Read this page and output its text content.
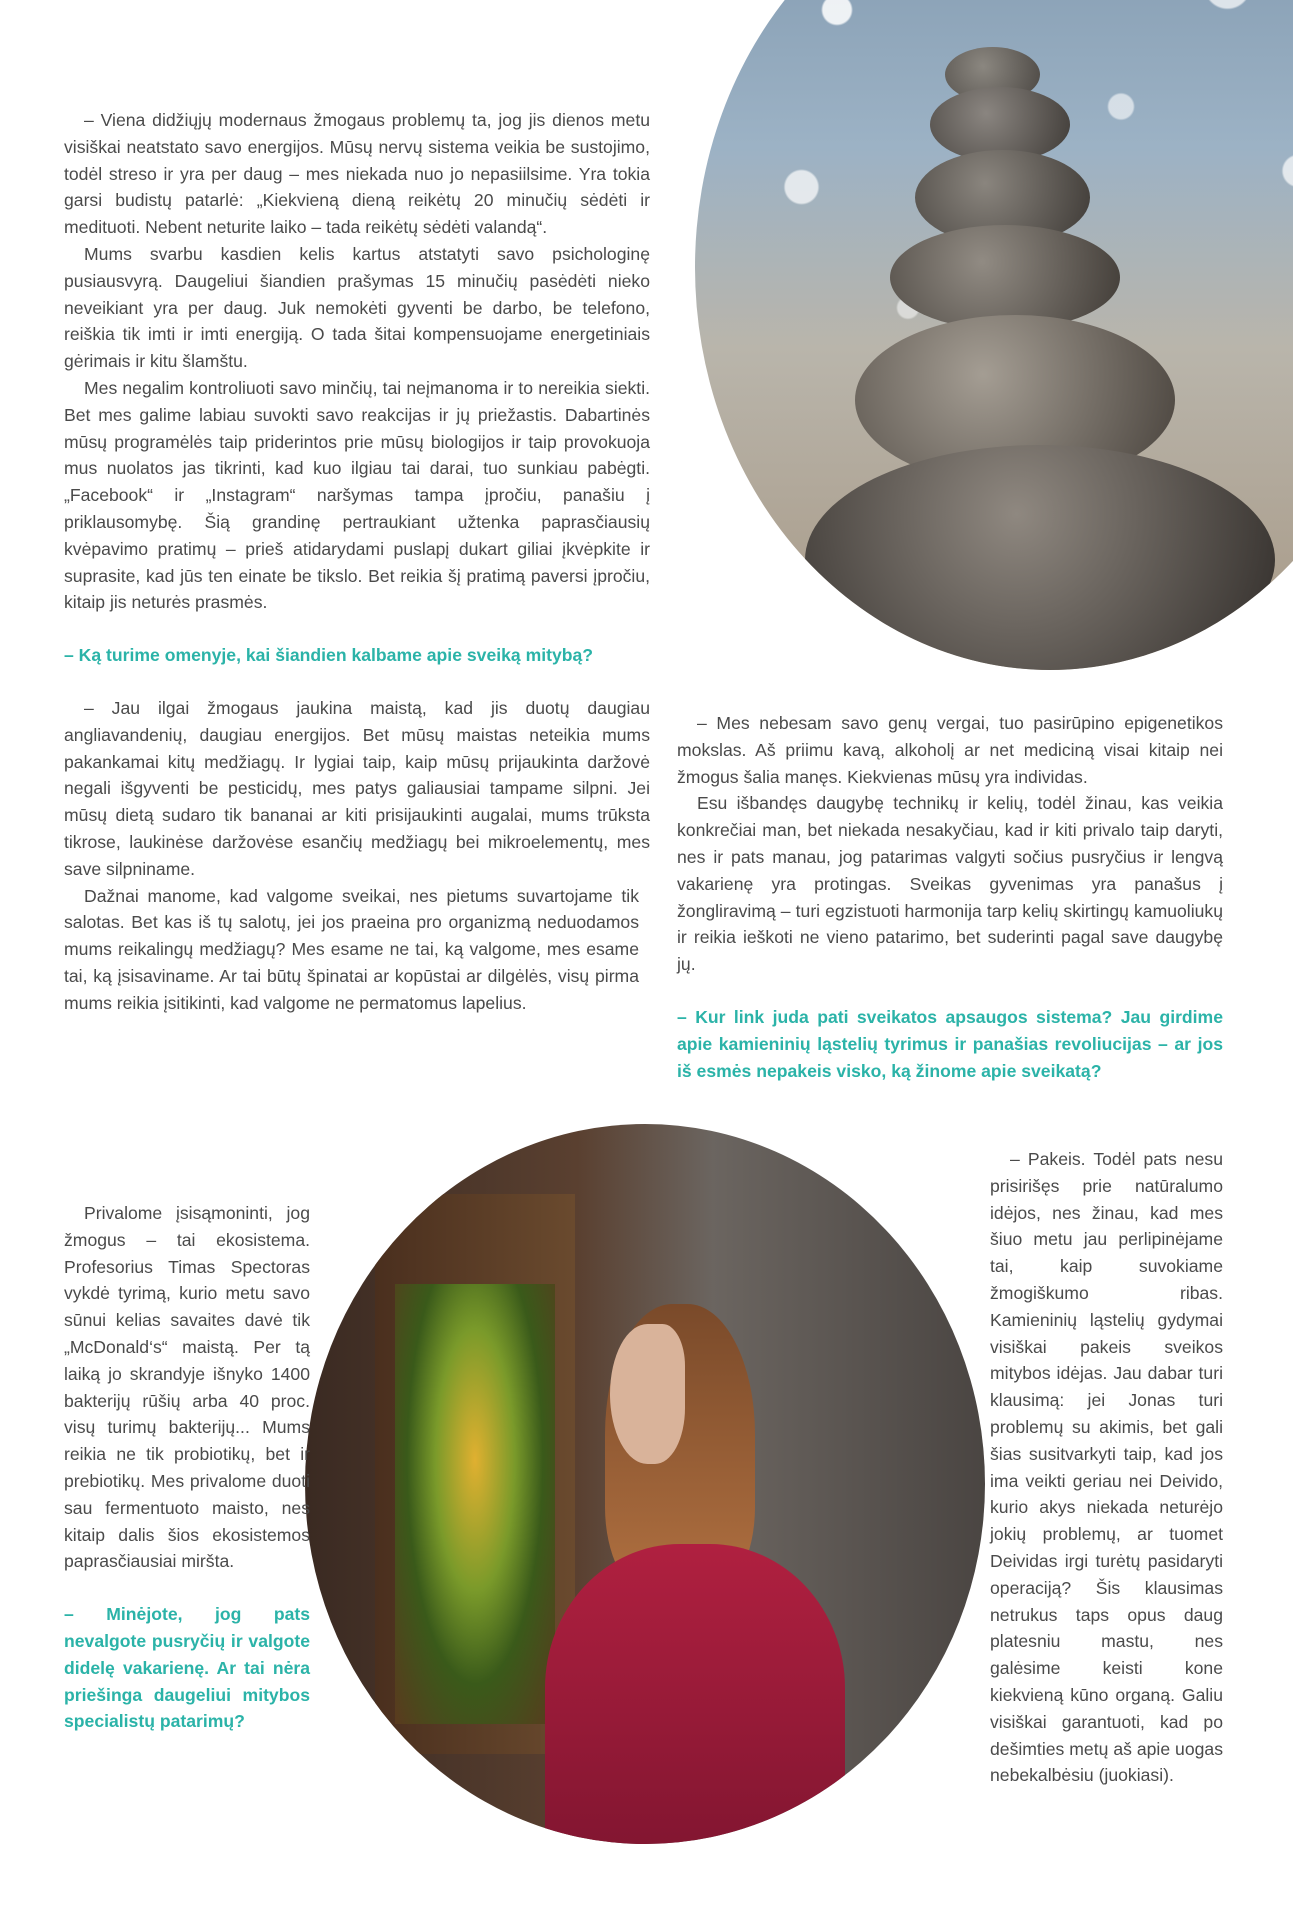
– Viena didžiųjų modernaus žmogaus problemų ta, jog jis dienos metu visiškai neatstato savo energijos. Mūsų nervų sistema veikia be sustojimo, todėl streso ir yra per daug – mes niekada nuo jo nepasiilsime. Yra tokia garsi budistų patarlė: „Kiekvieną dieną reikėtų 20 minučių sėdėti ir medituoti. Nebent neturite laiko – tada reikėtų sėdėti valandą“.

Mums svarbu kasdien kelis kartus atstatyti savo psichologinę pusiausvyrą. Daugeliui šiandien prašymas 15 minučių pasėdėti nieko neveikiant yra per daug. Juk nemokėti gyventi be darbo, be telefono, reiškia tik imti ir imti energiją. O tada šitai kompensuojame energetiniais gėrimais ir kitu šlamštu.

Mes negalim kontroliuoti savo minčių, tai neįmanoma ir to nereikia siekti. Bet mes galime labiau suvokti savo reakcijas ir jų priežastis. Dabartinės mūsų programėlės taip priderintos prie mūsų biologijos ir taip provokuoja mus nuolatos jas tikrinti, kad kuo ilgiau tai darai, tuo sunkiau pabėgti. „Facebook“ ir „Instagram“ naršymas tampa įpročiu, panašiu į priklausomybę. Šią grandinę pertraukiant užtenka paprasčiausių kvėpavimo pratimų – prieš atidarydami puslapį dukart giliai įkvėpkite ir suprasite, kad jūs ten einate be tikslo. Bet reikia šį pratimą paversi įpročiu, kitaip jis neturės prasmės.

– Ką turime omenyje, kai šiandien kalbame apie sveiką mitybą?

– Jau ilgai žmogaus jaukina maistą, kad jis duotų daugiau angliavandenių, daugiau energijos. Bet mūsų maistas neteikia mums pakankamai kitų medžiagų. Ir lygiai taip, kaip mūsų prijaukinta daržovė negali išgyventi be pesticidų, mes patys galiausiai tampame silpni. Jei mūsų dietą sudaro tik bananai ar kiti prisijaukinti augalai, mums trūksta tikrose, laukinėse daržovėse esančių medžiagų bei mikroelementų, mes save silpniname.

Dažnai manome, kad valgome sveikai, nes pietums suvartojame tik salotas. Bet kas iš tų salotų, jei jos praeina pro organizmą neduodamos mums reikalingų medžiagų? Mes esame ne tai, ką valgome, mes esame tai, ką įsisaviname. Ar tai būtų špinatai ar kopūstai ar dilgėlės, visų pirma mums reikia įsitikinti, kad valgome ne permatomus lapelius.

Privalome įsisąmoninti, jog žmogus – tai ekosistema. Profesorius Timas Spectoras vykdė tyrimą, kurio metu savo sūnui kelias savaites davė tik „McDonald‘s“ maistą. Per tą laiką jo skrandyje išnyko 1400 bakterijų rūšių arba 40 proc. visų turimų bakterijų... Mums reikia ne tik probiotikų, bet ir prebiotikų. Mes privalome duoti sau fermentuoto maisto, nes kitaip dalis šios ekosistemos paprasčiausiai miršta.

– Minėjote, jog pats nevalgote pusryčių ir valgote didelę vakarienę. Ar tai nėra priešinga daugeliui mitybos specialistų patarimų?

– Mes nebesam savo genų vergai, tuo pasirūpino epigenetikos mokslas. Aš priimu kavą, alkoholį ar net mediciną visai kitaip nei žmogus šalia manęs. Kiekvienas mūsų yra individas.

Esu išbandęs daugybę technikų ir kelių, todėl žinau, kas veikia konkrečiai man, bet niekada nesakyčiau, kad ir kiti privalo taip daryti, nes ir pats manau, jog patarimas valgyti sočius pusryčius ir lengvą vakarienę yra protingas. Sveikas gyvenimas yra panašus į žongliravimą – turi egzistuoti harmonija tarp kelių skirtingų kamuoliukų ir reikia ieškoti ne vieno patarimo, bet suderinti pagal save daugybę jų.

– Kur link juda pati sveikatos apsaugos sistema? Jau girdime apie kamieninių ląstelių tyrimus ir panašias revoliucijas – ar jos iš esmės nepakeis visko, ką žinome apie sveikatą?

– Pakeis. Todėl pats nesu prisirišęs prie natūralumo idėjos, nes žinau, kad mes šiuo metu jau perlipinėjame tai, kaip suvokiame žmogiškumo ribas. Kamieninių ląstelių gydymai visiškai pakeis sveikos mitybos idėjas. Jau dabar turi klausimą: jei Jonas turi problemų su akimis, bet gali šias susitvarkyti taip, kad jos ima veikti geriau nei Deivido, kurio akys niekada neturėjo jokių problemų, ar tuomet Deividas irgi turėtų pasidaryti operaciją? Šis klausimas netrukus taps opus daug platesniu mastu, nes galėsime keisti kone kiekvieną kūno organą. Galiu visiškai garantuoti, kad po dešimties metų aš apie uogas nebekalbėsiu (juokiasi).
